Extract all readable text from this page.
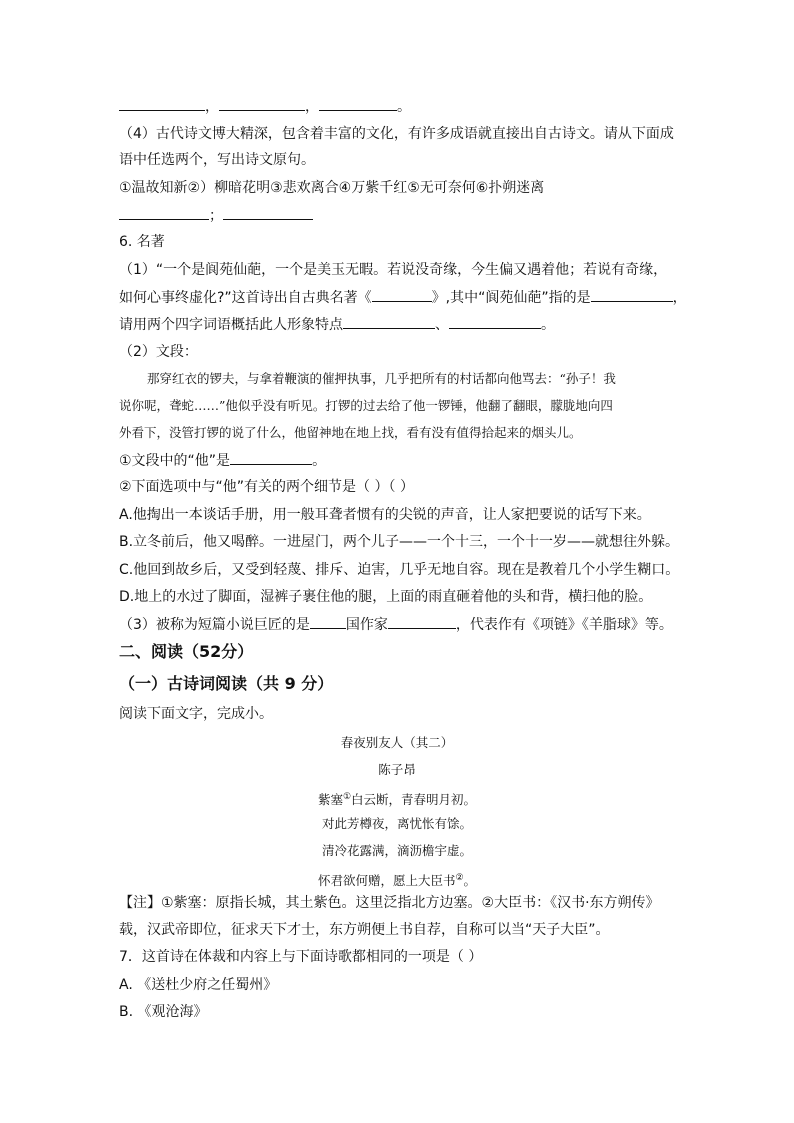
，	，	。
（4）古代诗文博大精深，包含着丰富的文化，有许多成语就直接出自古诗文。请从下面成
语中任选两个，写出诗文原句。
①温故知新②）柳暗花明③悲欢离合④万紫千红⑤无可奈何⑥扑朔迷离
；
6. 名著
（1）“一个是阆苑仙葩，一个是美玉无暇。若说没奇缘，今生偏又遇着他；若说有奇缘，
如何心事终虚化?”这首诗出自古典名著《	》,其中“阆苑仙葩”指的是	，
请用两个四字词语概括此人形象特点	、	。
（2）文段：
那穿红衣的锣夫，与拿着鞭演的催押执事，几乎把所有的村话都向他骂去：“孙子！我
说你呢，聋蛇……”他似乎没有听见。打锣的过去给了他一锣锤，他翻了翻眼，朦胧地向四
外看下，没管打锣的说了什么，他留神地在地上找，看有没有值得拾起来的烟头儿。
①文段中的“他”是	。
②下面选项中与“他”有关的两个细节是（ ）（ ）
A.他掏出一本谈话手册，用一般耳聋者惯有的尖锐的声音，让人家把要说的话写下来。
B.立冬前后，他又喝醉。一进屋门，两个儿子——一个十三，一个十一岁——就想往外躲。
C.他回到故乡后，又受到轻蔑、排斥、迫害，几乎无地自容。现在是教着几个小学生糊口。
D.地上的水过了脚面，湿裤子裹住他的腿，上面的雨直砸着他的头和背，横扫他的脸。
（3）被称为短篇小说巨匠的是	国作家	，代表作有《项链》《羊脂球》等。
二、阅读（52分）
（一）古诗词阅读（共 9 分）
阅读下面文字，完成小。
春夜别友人（其二）
陈子昂
紫塞①白云断，青春明月初。
对此芳樽夜，离忧怅有馀。
清冷花露满，滴沥檐宇虚。
怀君欲何赠，愿上大臣书②。
【注】①紫塞：原指长城，其土紫色。这里泛指北方边塞。②大臣书：《汉书·东方朔传》
载，汉武帝即位，征求天下才士，东方朔便上书自荐，自称可以当“天子大臣”。
7．这首诗在体裁和内容上与下面诗歌都相同的一项是（ ）
A. 《送杜少府之任蜀州》
B. 《观沧海》
